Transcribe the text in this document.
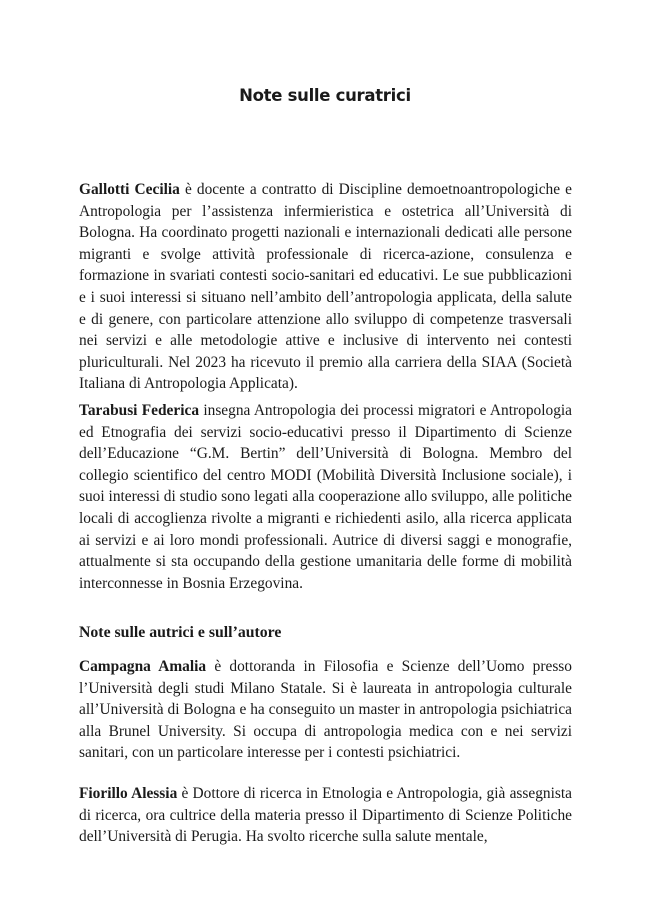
Note sulle curatrici

Gallotti Cecilia è docente a contratto di Discipline demoetnoantropologiche e Antropologia per l’assistenza infermieristica e ostetrica all’Università di Bologna. Ha coordinato progetti nazionali e internazionali dedicati alle persone migranti e svolge attività professionale di ricerca-azione, consulenza e formazione in svariati contesti socio-sanitari ed educativi. Le sue pubblicazioni e i suoi interessi si situano nell’ambito dell’antropologia applicata, della salute e di genere, con particolare attenzione allo sviluppo di competenze trasversali nei servizi e alle metodologie attive e inclusive di intervento nei contesti pluriculturali. Nel 2023 ha ricevuto il premio alla carriera della SIAA (Società Italiana di Antropologia Applicata).

Tarabusi Federica insegna Antropologia dei processi migratori e Antropologia ed Etnografia dei servizi socio-educativi presso il Dipartimento di Scienze dell’Educazione “G.M. Bertin” dell’Università di Bologna. Membro del collegio scientifico del centro MODI (Mobilità Diversità Inclusione sociale), i suoi interessi di studio sono legati alla cooperazione allo sviluppo, alle politiche locali di accoglienza rivolte a migranti e richiedenti asilo, alla ricerca applicata ai servizi e ai loro mondi professionali. Autrice di diversi saggi e monografie, attualmente si sta occupando della gestione umanitaria delle forme di mobilità interconnesse in Bosnia Erzegovina.

Note sulle autrici e sull’autore

Campagna Amalia è dottoranda in Filosofia e Scienze dell’Uomo presso l’Università degli studi Milano Statale. Si è laureata in antropologia culturale all’Università di Bologna e ha conseguito un master in antropologia psichiatrica alla Brunel University. Si occupa di antropologia medica con e nei servizi sanitari, con un particolare interesse per i contesti psichiatrici.

Fiorillo Alessia è Dottore di ricerca in Etnologia e Antropologia, già assegnista di ricerca, ora cultrice della materia presso il Dipartimento di Scienze Politiche dell’Università di Perugia. Ha svolto ricerche sulla salute mentale,
